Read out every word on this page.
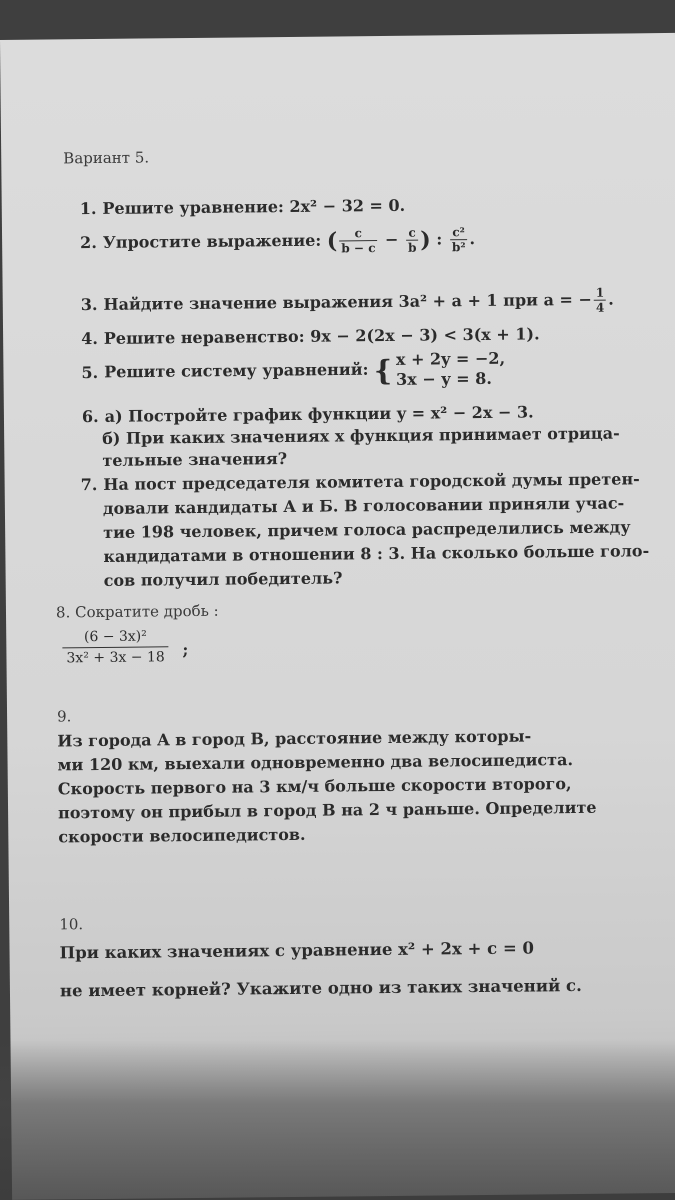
Вариант 5.
1. Решите уравнение: 2x² − 32 = 0.
2. Упростите выражение: ( $\frac{c}{b - c} - \frac{c}{b}$ ) : $\frac{\text{c²}}{\text{b²}}$ .
3. Найдите значение выражения 3a² + a + 1 при a = − $\frac{1}{4}$ .
4. Решите неравенство: 9x − 2(2x − 3) < 3(x + 1).
5. Решите систему уравнений: { x + 2y = −2,
3x − y = 8.
6. а) Постройте график функции y = x² − 2x − 3.
б) При каких значениях x функция принимает отрица-
тельные значения?
7. На пост председателя комитета городской думы претен-
довали кандидаты А и Б. В голосовании приняли учас-
тие 198 человек, причем голоса распределились между
кандидатами в отношении 8 : 3. На сколько больше голо-
сов получил победитель?
8. Сократите дробь :
$\frac{\text{(6 − 3x)²}}{\text{3x² + 3x − 18}}$ ;
9.
Из города A в город B, расстояние между которы-
ми 120 км, выехали одновременно два велосипедиста.
Скорость первого на 3 км/ч больше скорости второго,
поэтому он прибыл в город B на 2 ч раньше. Определите
скорости велосипедистов.
10.
При каких значениях c уравнение x² + 2x + c = 0
не имеет корней? Укажите одно из таких значений c.
